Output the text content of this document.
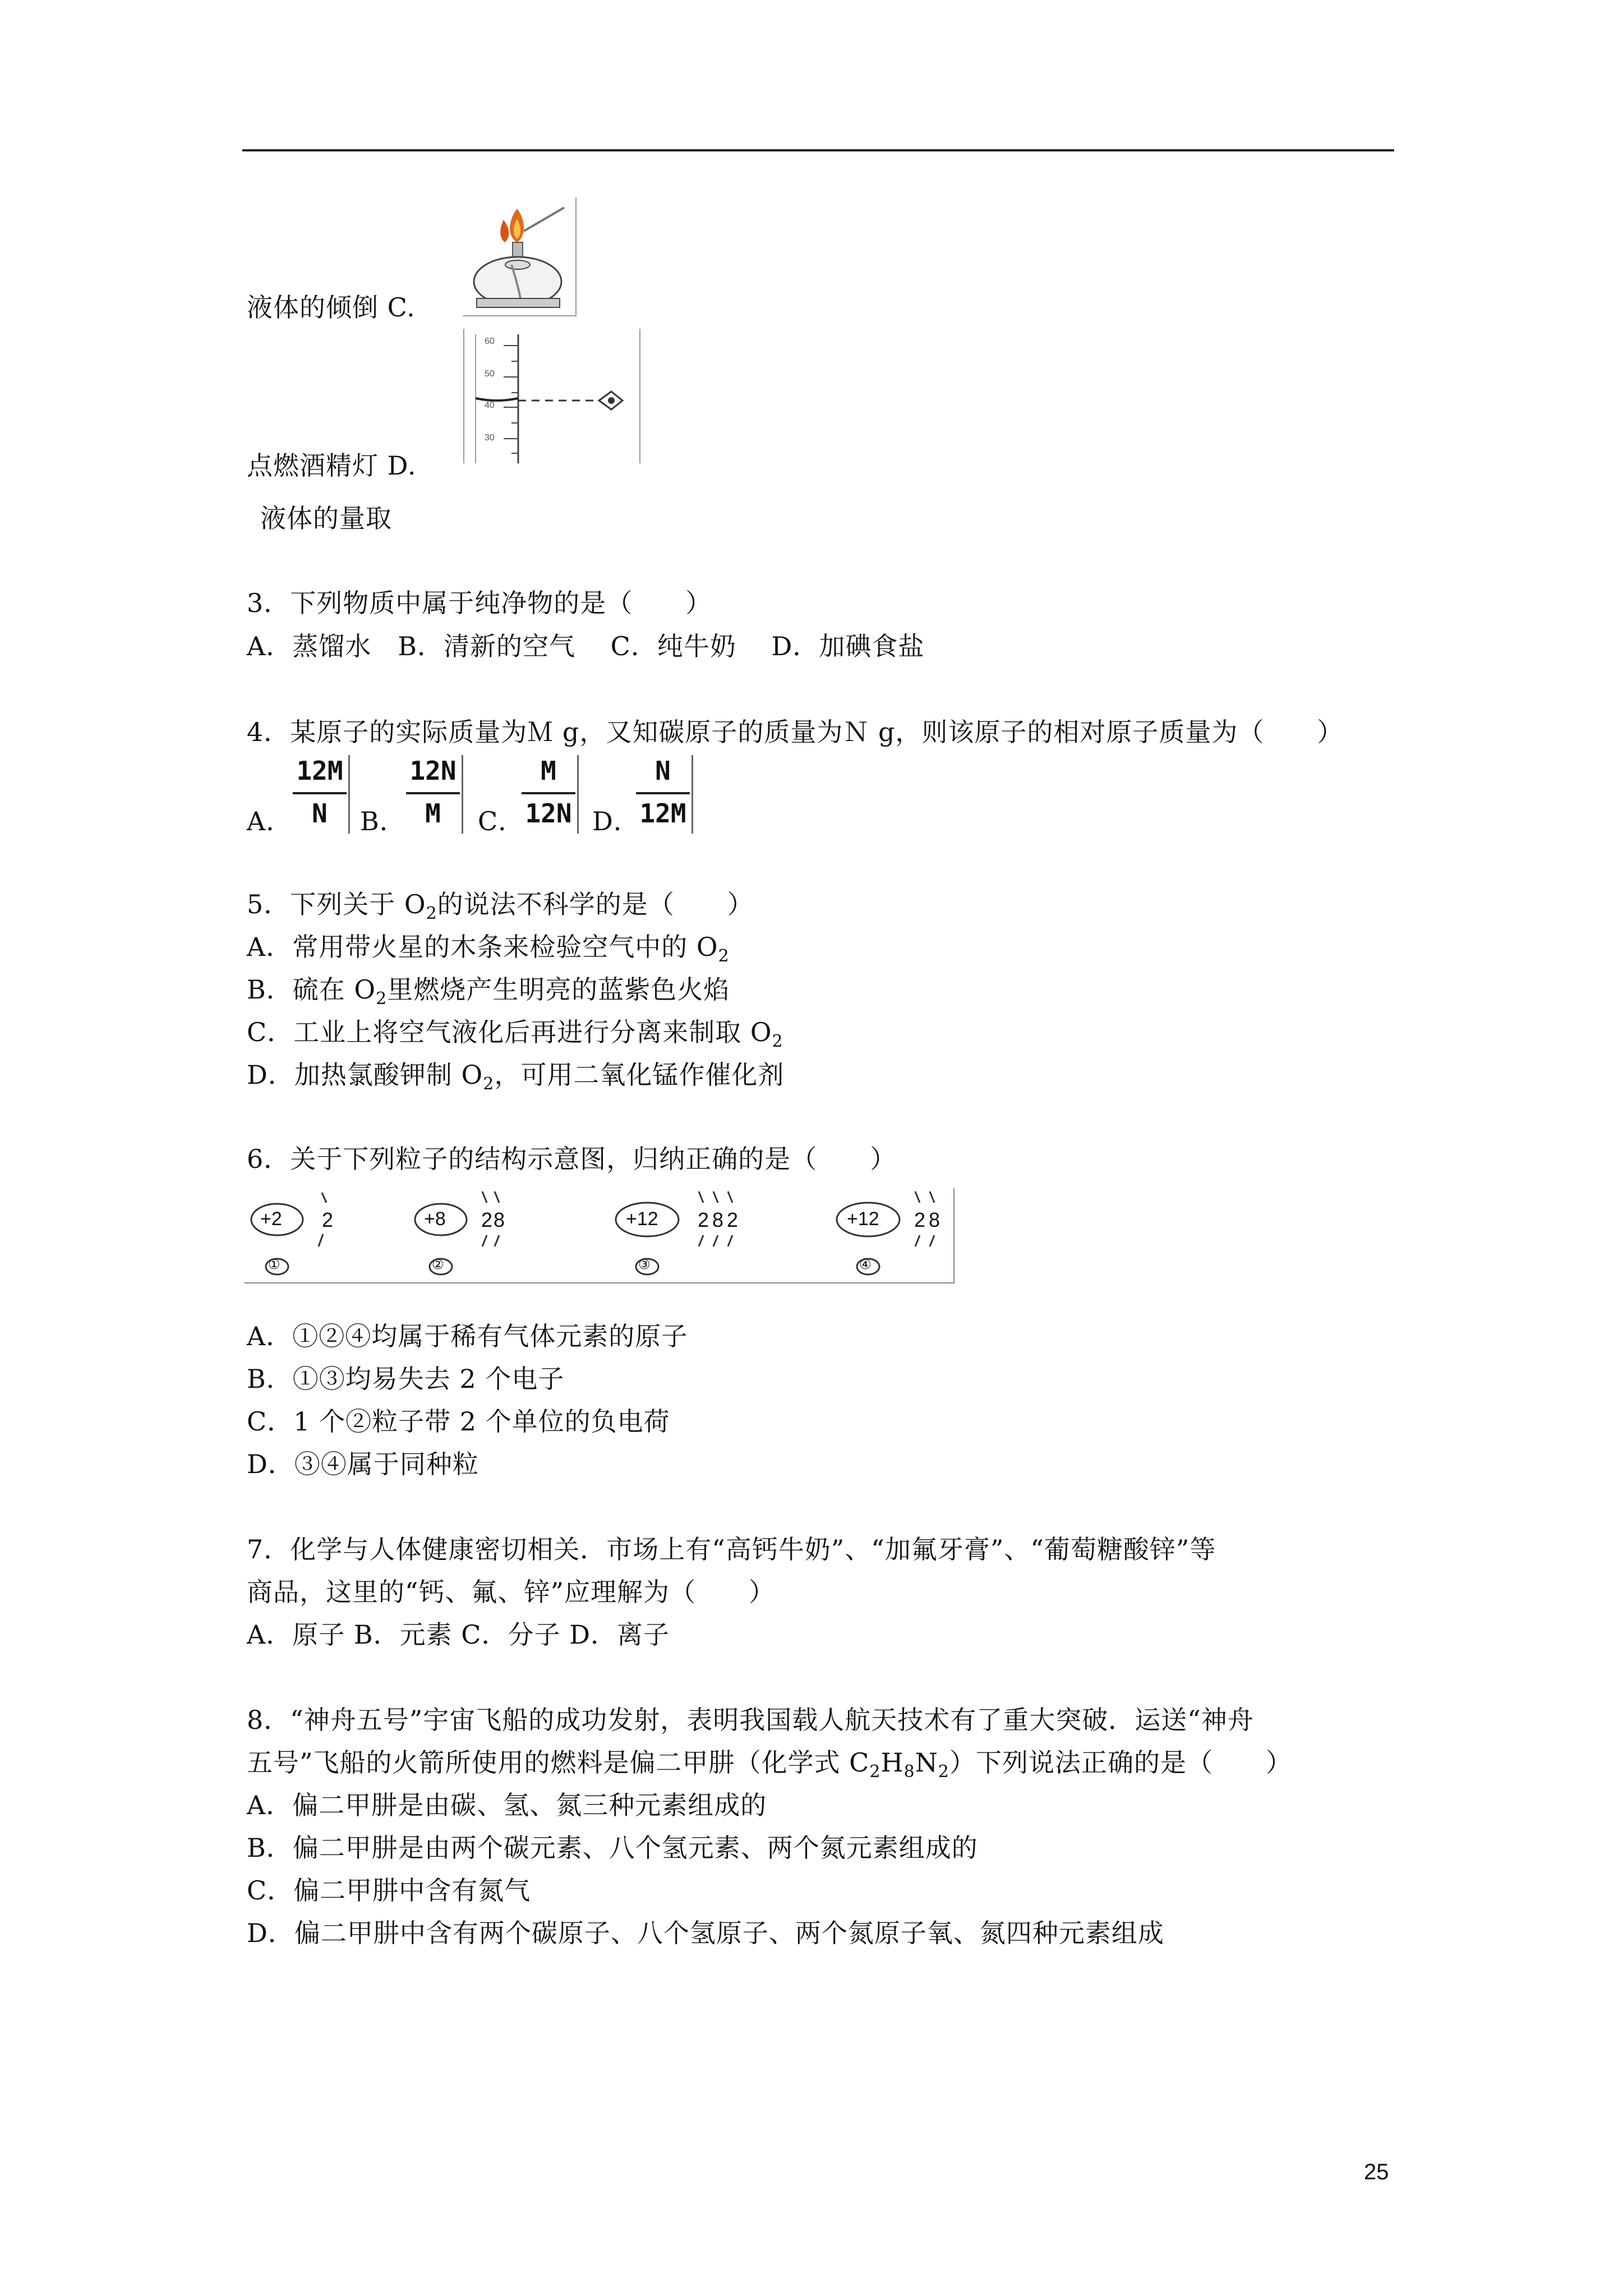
60
50
40
30
液体的倾倒 C.
点燃酒精灯 D.
液体的量取
3．下列物质中属于纯净物的是（　　）
A．蒸馏水　B．清新的空气　 C．纯牛奶　 D．加碘食盐
4．某原子的实际质量为Ｍ g，又知碳原子的质量为Ｎ g，则该原子的相对原子质量为（　　）
A．
12M
N	B．
12N
M	C．
M
12N D．
N
12M
5．下列关于 $O_2$的说法不科学的是（　　）
A．常用带火星的木条来检验空气中的 $O_2$
B．硫在 $O_2$里燃烧产生明亮的蓝紫色火焰
C．工业上将空气液化后再进行分离来制取 $O_2$
D．加热氯酸钾制 $O_2$，可用二氧化锰作催化剂
6．关于下列粒子的结构示意图，归纳正确的是（　　）
+2 2
①
+8 2 8
②
+12 2 8 2
③
+12 2 8
④
A．①②④均属于稀有气体元素的原子
B．①③均易失去 2 个电子
C．1 个②粒子带 2 个单位的负电荷
D．③④属于同种粒
7．化学与人体健康密切相关．市场上有“高钙牛奶”、“加氟牙膏”、“葡萄糖酸锌”等
商品，这里的“钙、氟、锌”应理解为（　　）
A．原子 B．元素 C．分子 D．离子
8．“神舟五号”宇宙飞船的成功发射，表明我国载人航天技术有了重大突破．运送“神舟
五号”飞船的火箭所使用的燃料是偏二甲肼（化学式 $C_2H_8N_2$）下列说法正确的是（　　）
A．偏二甲肼是由碳、氢、氮三种元素组成的
B．偏二甲肼是由两个碳元素、八个氢元素、两个氮元素组成的
C．偏二甲肼中含有氮气
D．偏二甲肼中含有两个碳原子、八个氢原子、两个氮原子氧、氮四种元素组成
25
